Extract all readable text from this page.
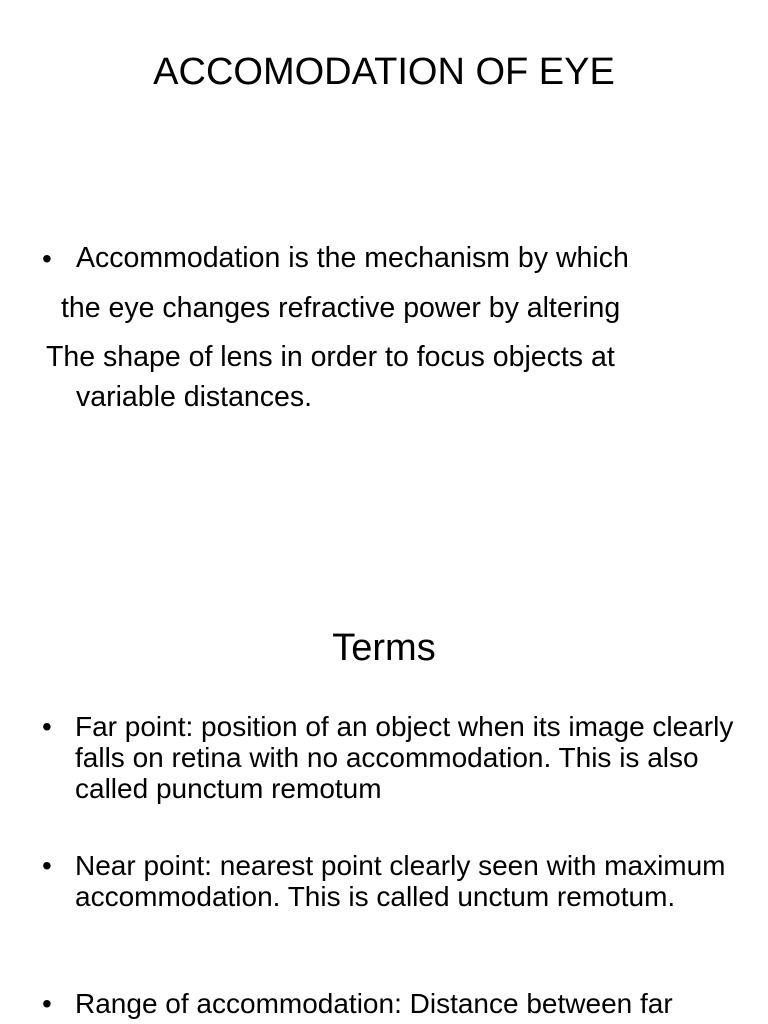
ACCOMODATION OF EYE
• Accommodation is the mechanism by which

the eye changes refractive power by altering

The shape of lens in order to focus objects at

variable distances.

Terms
• Far point: position of an object when its image clearly falls on retina with no accommodation. This is also called punctum remotum

• Near point: nearest point clearly seen with maximum accommodation. This is called unctum remotum.

• Range of accommodation: Distance between far
